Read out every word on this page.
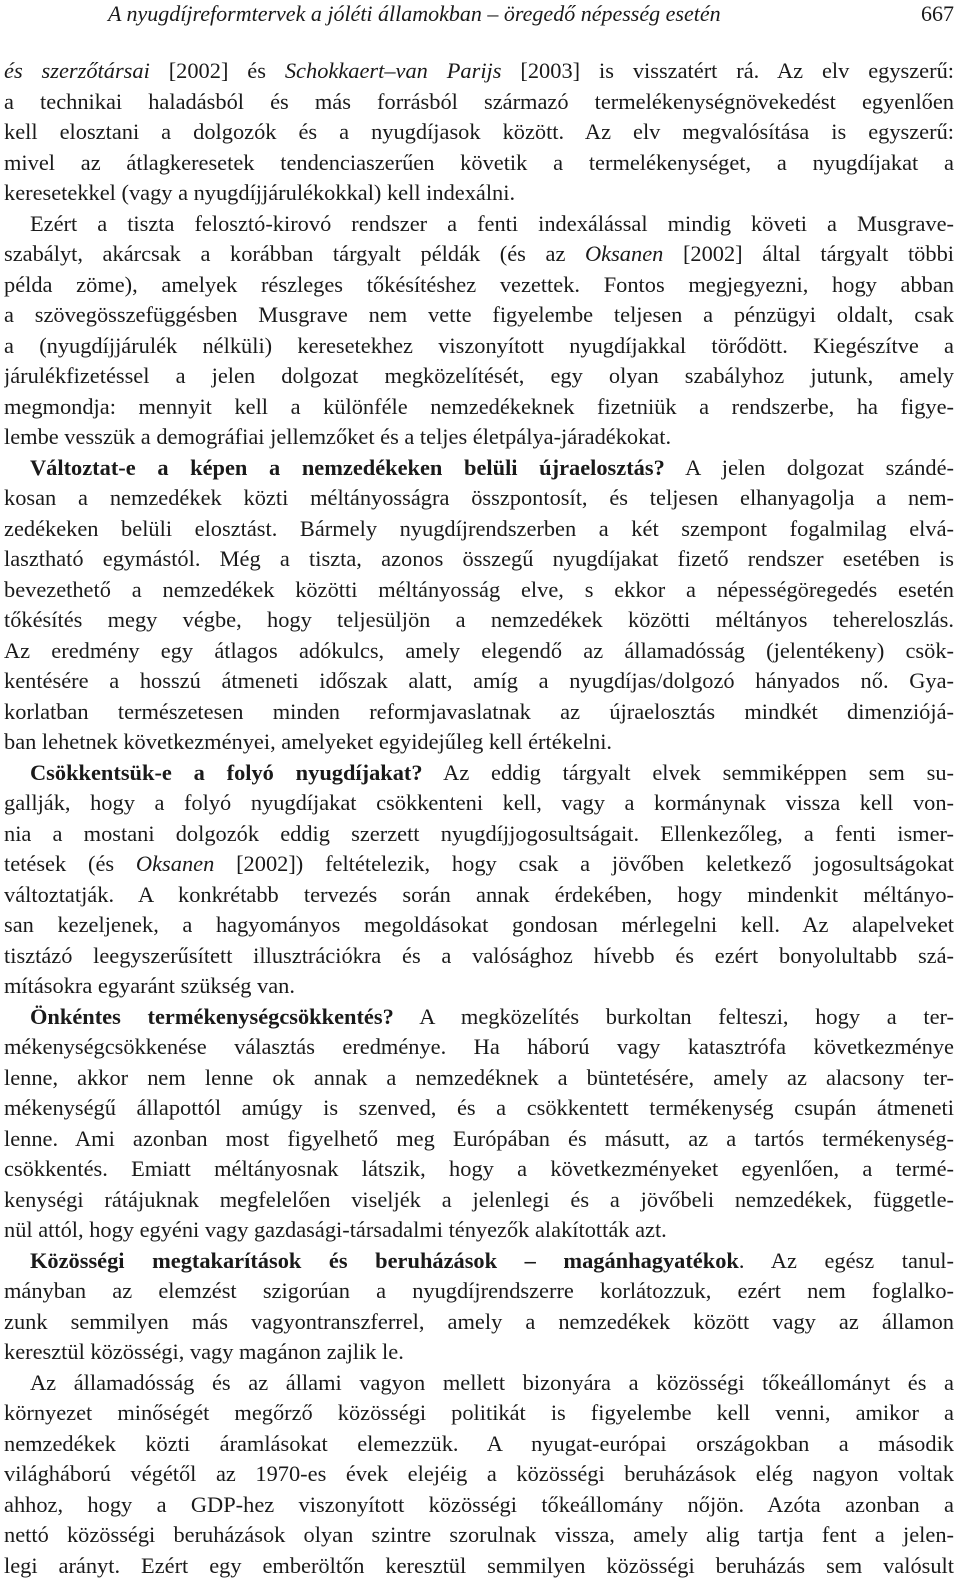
A nyugdíjreformtervek a jóléti államokban – öregedő népesség esetén	667
és szerzőtársai [2002] és Schokkaert–van Parijs [2003] is visszatért rá. Az elv egyszerű:
a technikai haladásból és más forrásból származó termelékenységnövekedést egyenlően
kell elosztani a dolgozók és a nyugdíjasok között. Az elv megvalósítása is egyszerű:
mivel az átlagkeresetek tendenciaszerűen követik a termelékenységet, a nyugdíjakat a
keresetekkel (vagy a nyugdíjjárulékokkal) kell indexálni.
Ezért a tiszta felosztó-kirovó rendszer a fenti indexálással mindig követi a Musgrave-
szabályt, akárcsak a korábban tárgyalt példák (és az Oksanen [2002] által tárgyalt többi
példa zöme), amelyek részleges tőkésítéshez vezettek. Fontos megjegyezni, hogy abban
a szövegösszefüggésben Musgrave nem vette figyelembe teljesen a pénzügyi oldalt, csak
a (nyugdíjjárulék nélküli) keresetekhez viszonyított nyugdíjakkal törődött. Kiegészítve a
járulékfizetéssel a jelen dolgozat megközelítését, egy olyan szabályhoz jutunk, amely
megmondja: mennyit kell a különféle nemzedékeknek fizetniük a rendszerbe, ha figye-
lembe vesszük a demográfiai jellemzőket és a teljes életpálya-járadékokat.
Változtat-e a képen a nemzedékeken belüli újraelosztás? A jelen dolgozat szándé-
kosan a nemzedékek közti méltányosságra összpontosít, és teljesen elhanyagolja a nem-
zedékeken belüli elosztást. Bármely nyugdíjrendszerben a két szempont fogalmilag elvá-
lasztható egymástól. Még a tiszta, azonos összegű nyugdíjakat fizető rendszer esetében is
bevezethető a nemzedékek közötti méltányosság elve, s ekkor a népességöregedés esetén
tőkésítés megy végbe, hogy teljesüljön a nemzedékek közötti méltányos tehereloszlás.
Az eredmény egy átlagos adókulcs, amely elegendő az államadósság (jelentékeny) csök-
kentésére a hosszú átmeneti időszak alatt, amíg a nyugdíjas/dolgozó hányados nő. Gya-
korlatban természetesen minden reformjavaslatnak az újraelosztás mindkét dimenziójá-
ban lehetnek következményei, amelyeket egyidejűleg kell értékelni.
Csökkentsük-e a folyó nyugdíjakat? Az eddig tárgyalt elvek semmiképpen sem su-
gallják, hogy a folyó nyugdíjakat csökkenteni kell, vagy a kormánynak vissza kell von-
nia a mostani dolgozók eddig szerzett nyugdíjjogosultságait. Ellenkezőleg, a fenti ismer-
tetések (és Oksanen [2002]) feltételezik, hogy csak a jövőben keletkező jogosultságokat
változtatják. A konkrétabb tervezés során annak érdekében, hogy mindenkit méltányo-
san kezeljenek, a hagyományos megoldásokat gondosan mérlegelni kell. Az alapelveket
tisztázó leegyszerűsített illusztrációkra és a valósághoz hívebb és ezért bonyolultabb szá-
mításokra egyaránt szükség van.
Önkéntes termékenységcsökkentés? A megközelítés burkoltan felteszi, hogy a ter-
mékenységcsökkenése választás eredménye. Ha háború vagy katasztrófa következménye
lenne, akkor nem lenne ok annak a nemzedéknek a büntetésére, amely az alacsony ter-
mékenységű állapottól amúgy is szenved, és a csökkentett termékenység csupán átmeneti
lenne. Ami azonban most figyelhető meg Európában és másutt, az a tartós termékenység-
csökkentés. Emiatt méltányosnak látszik, hogy a következményeket egyenlően, a termé-
kenységi rátájuknak megfelelően viseljék a jelenlegi és a jövőbeli nemzedékek, függetle-
nül attól, hogy egyéni vagy gazdasági-társadalmi tényezők alakították azt.
Közösségi megtakarítások és beruházások – magánhagyatékok. Az egész tanul-
mányban az elemzést szigorúan a nyugdíjrendszerre korlátozzuk, ezért nem foglalko-
zunk semmilyen más vagyontranszferrel, amely a nemzedékek között vagy az államon
keresztül közösségi, vagy magánon zajlik le.
Az államadósság és az állami vagyon mellett bizonyára a közösségi tőkeállományt és a
környezet minőségét megőrző közösségi politikát is figyelembe kell venni, amikor a
nemzedékek közti áramlásokat elemezzük. A nyugat-európai országokban a második
világháború végétől az 1970-es évek elejéig a közösségi beruházások elég nagyon voltak
ahhoz, hogy a GDP-hez viszonyított közösségi tőkeállomány nőjön. Azóta azonban a
nettó közösségi beruházások olyan szintre szorulnak vissza, amely alig tartja fent a jelen-
legi arányt. Ezért egy emberöltőn keresztül semmilyen közösségi beruházás sem valósult
